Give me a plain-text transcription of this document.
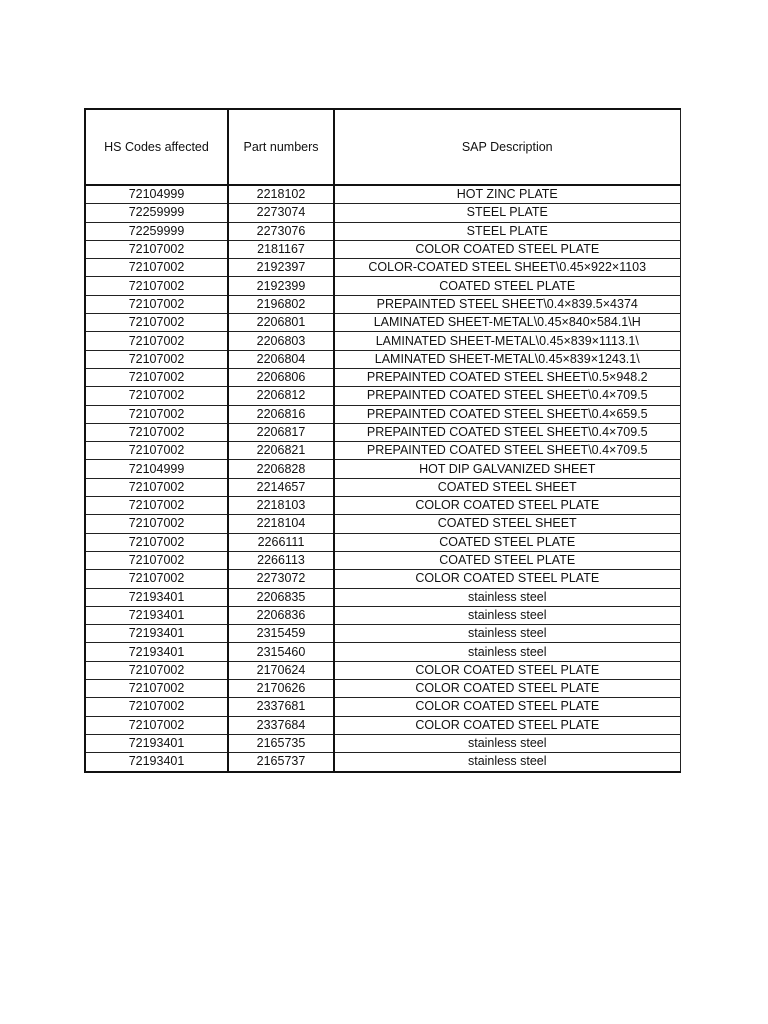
HS Codes affected	Part numbers	SAP Description
72104999	2218102	HOT ZINC PLATE
72259999	2273074	STEEL PLATE
72259999	2273076	STEEL PLATE
72107002	2181167	COLOR COATED STEEL PLATE
72107002	2192397	COLOR-COATED STEEL SHEET\0.45×922×1103
72107002	2192399	COATED STEEL PLATE
72107002	2196802	PREPAINTED STEEL SHEET\0.4×839.5×4374
72107002	2206801	LAMINATED SHEET-METAL\0.45×840×584.1\H
72107002	2206803	LAMINATED SHEET-METAL\0.45×839×1113.1\
72107002	2206804	LAMINATED SHEET-METAL\0.45×839×1243.1\
72107002	2206806	PREPAINTED COATED STEEL SHEET\0.5×948.2
72107002	2206812	PREPAINTED COATED STEEL SHEET\0.4×709.5
72107002	2206816	PREPAINTED COATED STEEL SHEET\0.4×659.5
72107002	2206817	PREPAINTED COATED STEEL SHEET\0.4×709.5
72107002	2206821	PREPAINTED COATED STEEL SHEET\0.4×709.5
72104999	2206828	HOT DIP GALVANIZED SHEET
72107002	2214657	COATED STEEL SHEET
72107002	2218103	COLOR COATED STEEL PLATE
72107002	2218104	COATED STEEL SHEET
72107002	2266111	COATED STEEL PLATE
72107002	2266113	COATED STEEL PLATE
72107002	2273072	COLOR COATED STEEL PLATE
72193401	2206835	stainless steel
72193401	2206836	stainless steel
72193401	2315459	stainless steel
72193401	2315460	stainless steel
72107002	2170624	COLOR COATED STEEL PLATE
72107002	2170626	COLOR COATED STEEL PLATE
72107002	2337681	COLOR COATED STEEL PLATE
72107002	2337684	COLOR COATED STEEL PLATE
72193401	2165735	stainless steel
72193401	2165737	stainless steel
